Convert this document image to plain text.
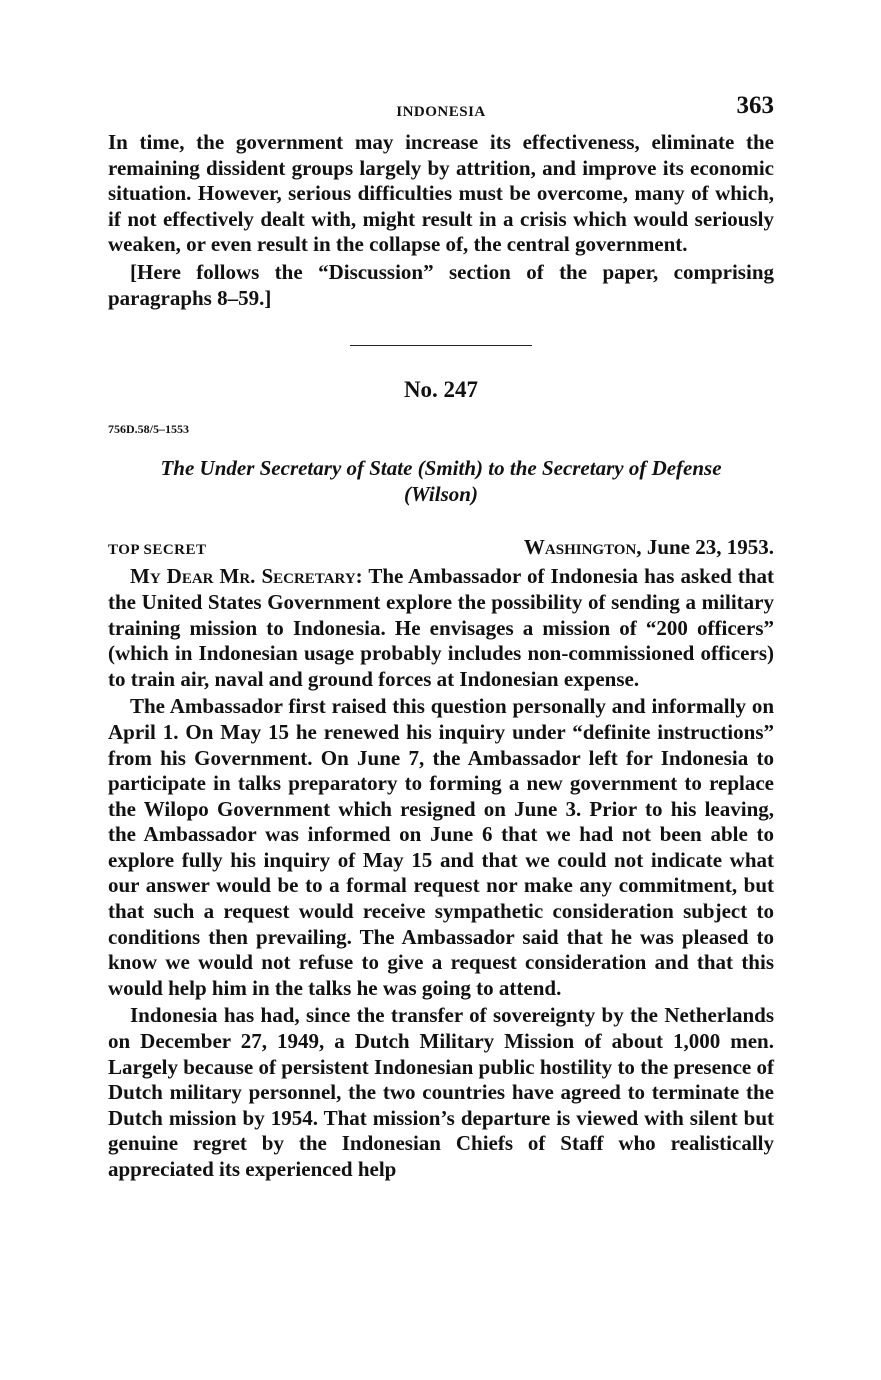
INDONESIA	363

In time, the government may increase its effectiveness, eliminate the remaining dissident groups largely by attrition, and improve its economic situation. However, serious difficulties must be overcome, many of which, if not effectively dealt with, might result in a crisis which would seriously weaken, or even result in the collapse of, the central government.

[Here follows the “Discussion” section of the paper, comprising paragraphs 8–59.]

No. 247
756D.58/5–1553
The Under Secretary of State (Smith) to the Secretary of Defense (Wilson)
TOP SECRET	Washington, June 23, 1953.

My Dear Mr. Secretary: The Ambassador of Indonesia has asked that the United States Government explore the possibility of sending a military training mission to Indonesia. He envisages a mission of “200 officers” (which in Indonesian usage probably includes non-commissioned officers) to train air, naval and ground forces at Indonesian expense.

The Ambassador first raised this question personally and informally on April 1. On May 15 he renewed his inquiry under “definite instructions” from his Government. On June 7, the Ambassador left for Indonesia to participate in talks preparatory to forming a new government to replace the Wilopo Government which resigned on June 3. Prior to his leaving, the Ambassador was informed on June 6 that we had not been able to explore fully his inquiry of May 15 and that we could not indicate what our answer would be to a formal request nor make any commitment, but that such a request would receive sympathetic consideration subject to conditions then prevailing. The Ambassador said that he was pleased to know we would not refuse to give a request consideration and that this would help him in the talks he was going to attend.

Indonesia has had, since the transfer of sovereignty by the Netherlands on December 27, 1949, a Dutch Military Mission of about 1,000 men. Largely because of persistent Indonesian public hostility to the presence of Dutch military personnel, the two countries have agreed to terminate the Dutch mission by 1954. That mission’s departure is viewed with silent but genuine regret by the Indonesian Chiefs of Staff who realistically appreciated its experienced help
